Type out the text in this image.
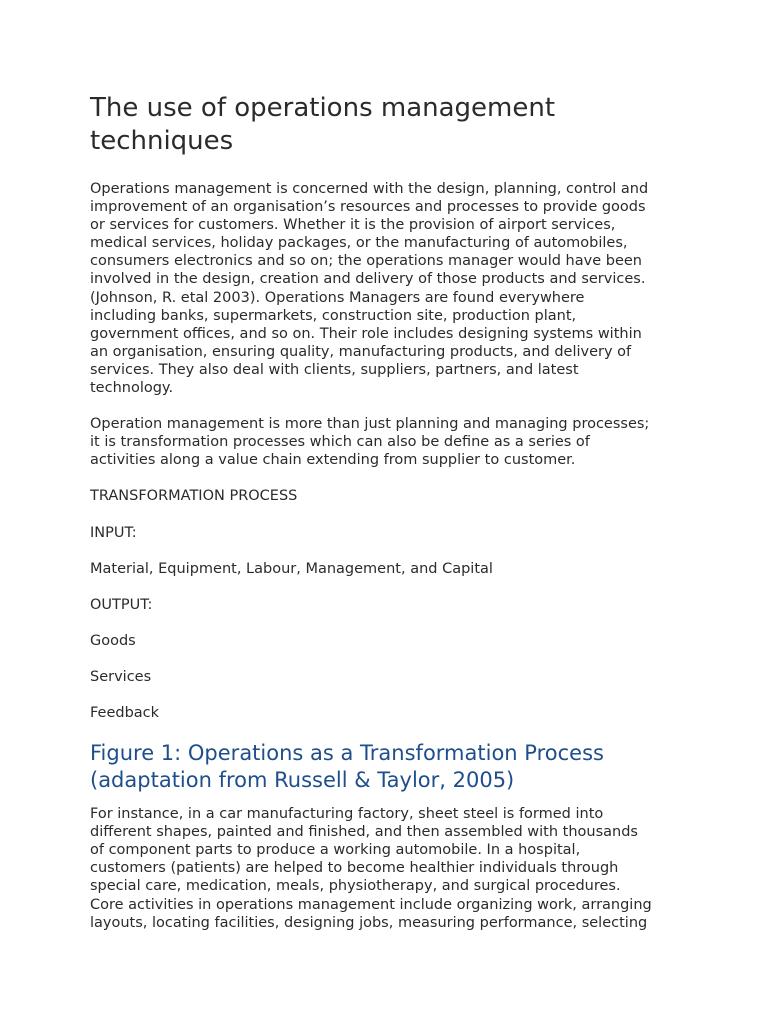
The use of operations management
techniques

Operations management is concerned with the design, planning, control and
improvement of an organisation’s resources and processes to provide goods
or services for customers. Whether it is the provision of airport services,
medical services, holiday packages, or the manufacturing of automobiles,
consumers electronics and so on; the operations manager would have been
involved in the design, creation and delivery of those products and services.
(Johnson, R. etal 2003). Operations Managers are found everywhere
including banks, supermarkets, construction site, production plant,
government offices, and so on. Their role includes designing systems within
an organisation, ensuring quality, manufacturing products, and delivery of
services. They also deal with clients, suppliers, partners, and latest
technology.

Operation management is more than just planning and managing processes;
it is transformation processes which can also be define as a series of
activities along a value chain extending from supplier to customer.

TRANSFORMATION PROCESS

INPUT:

Material, Equipment, Labour, Management, and Capital

OUTPUT:

Goods

Services

Feedback

Figure 1: Operations as a Transformation Process
(adaptation from Russell & Taylor, 2005)

For instance, in a car manufacturing factory, sheet steel is formed into
different shapes, painted and finished, and then assembled with thousands
of component parts to produce a working automobile. In a hospital,
customers (patients) are helped to become healthier individuals through
special care, medication, meals, physiotherapy, and surgical procedures.
Core activities in operations management include organizing work, arranging
layouts, locating facilities, designing jobs, measuring performance, selecting
